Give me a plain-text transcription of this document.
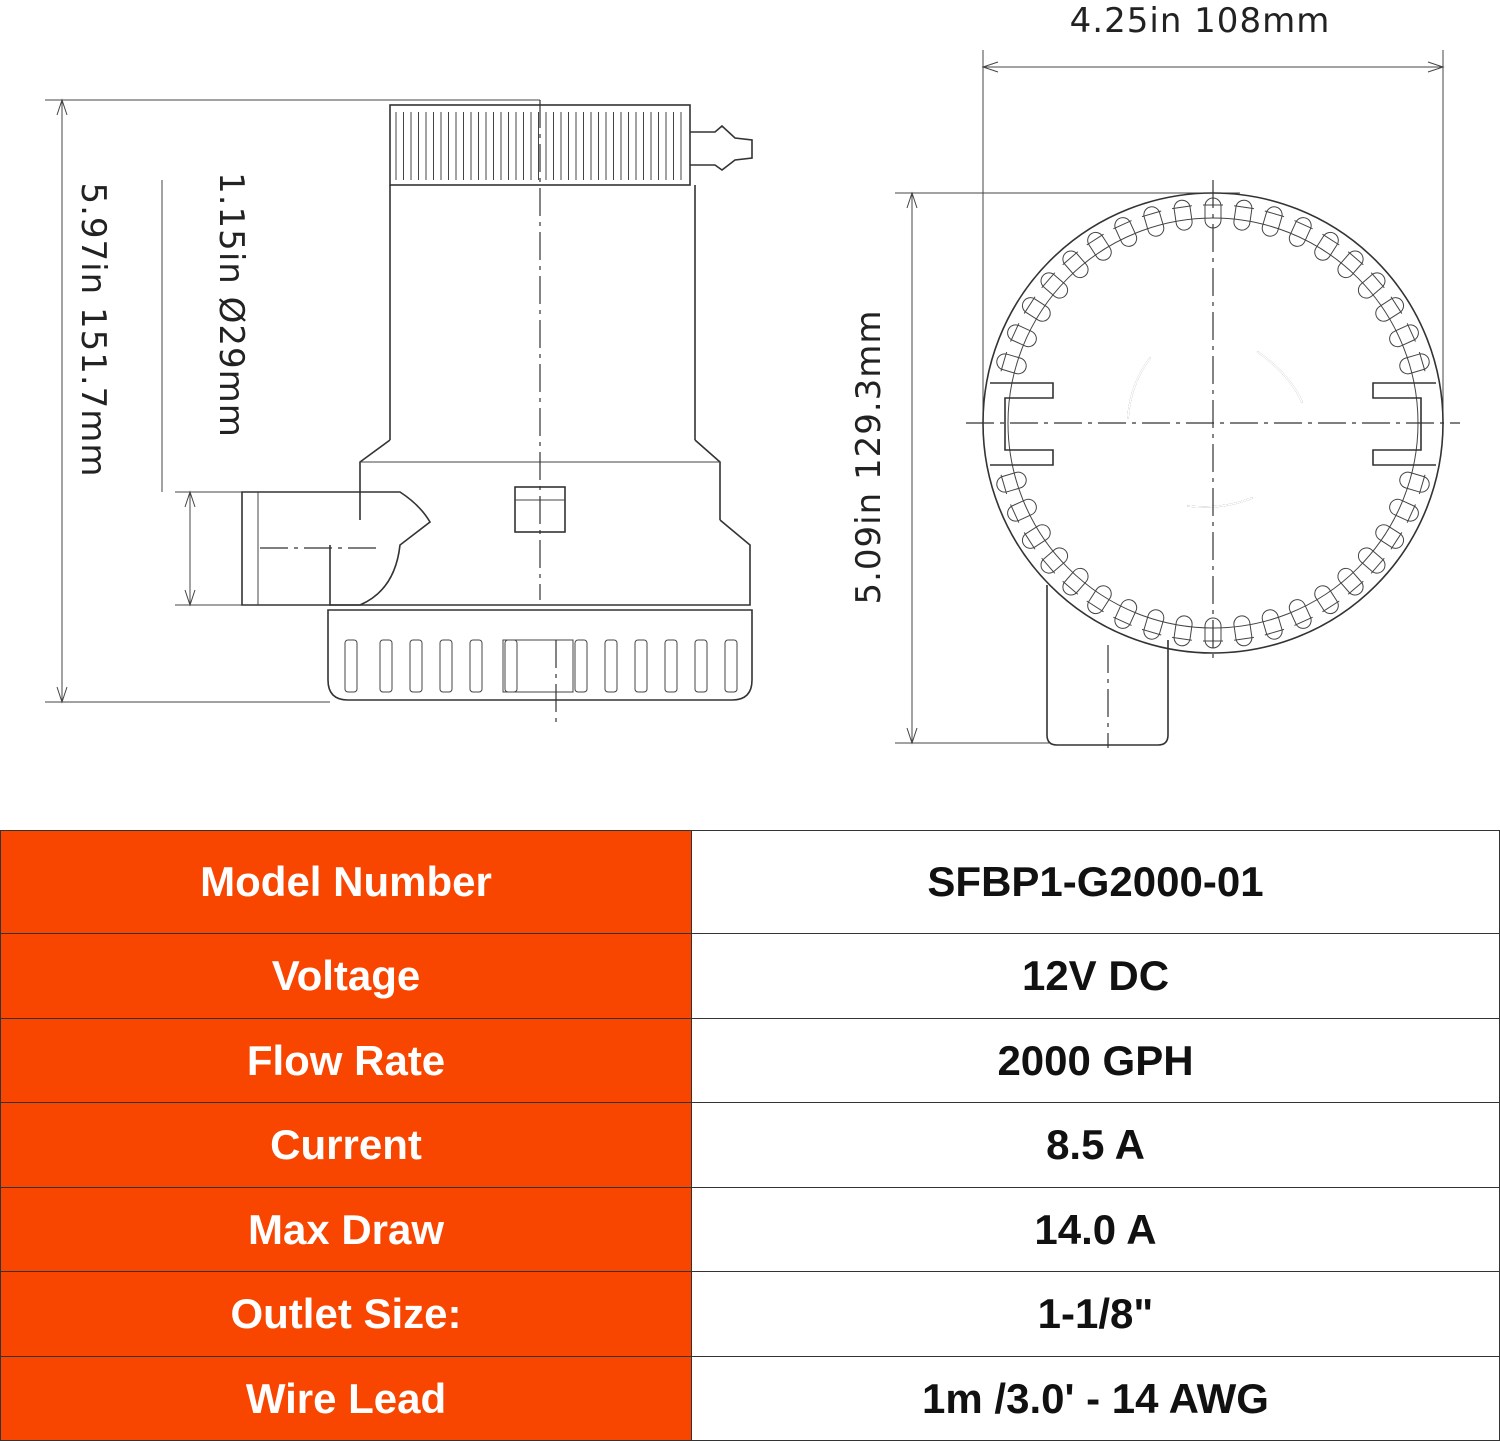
5.97in 151.7mm	1.15in Ø29mm
4.25in 108mm
5.09in 129.3mm
Model Number	SFBP1-G2000-01
Voltage	12V DC
Flow Rate	2000 GPH
Current	8.5 A
Max Draw	14.0 A
Outlet Size:	1-1/8"
Wire Lead	1m /3.0' - 14 AWG
